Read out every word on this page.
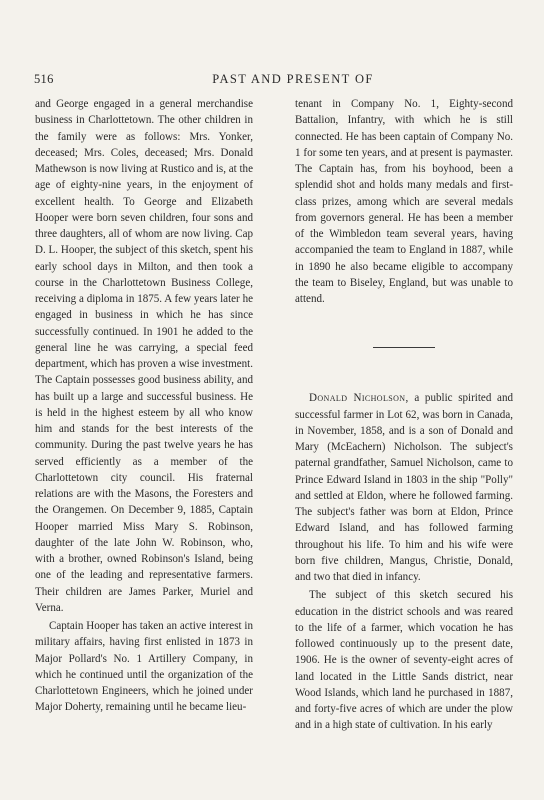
516	PAST AND PRESENT OF

and George engaged in a general merchandise business in Charlottetown. The other children in the family were as follows: Mrs. Yonker, deceased; Mrs. Coles, deceased; Mrs. Donald Mathewson is now living at Rustico and is, at the age of eighty-nine years, in the enjoyment of excellent health. To George and Elizabeth Hooper were born seven children, four sons and three daughters, all of whom are now living. Cap D. L. Hooper, the subject of this sketch, spent his early school days in Milton, and then took a course in the Charlottetown Business College, receiving a diploma in 1875. A few years later he engaged in business in which he has since successfully continued. In 1901 he added to the general line he was carrying, a special feed department, which has proven a wise investment. The Captain possesses good business ability, and has built up a large and successful business. He is held in the highest esteem by all who know him and stands for the best interests of the community. During the past twelve years he has served efficiently as a member of the Charlottetown city council. His fraternal relations are with the Masons, the Foresters and the Orangemen. On December 9, 1885, Captain Hooper married Miss Mary S. Robinson, daughter of the late John W. Robinson, who, with a brother, owned Robinson's Island, being one of the leading and representative farmers. Their children are James Parker, Muriel and Verna.

Captain Hooper has taken an active interest in military affairs, having first enlisted in 1873 in Major Pollard's No. 1 Artillery Company, in which he continued until the organization of the Charlottetown Engineers, which he joined under Major Doherty, remaining until he became lieu-

tenant in Company No. 1, Eighty-second Battalion, Infantry, with which he is still connected. He has been captain of Company No. 1 for some ten years, and at present is paymaster. The Captain has, from his boyhood, been a splendid shot and holds many medals and first-class prizes, among which are several medals from governors general. He has been a member of the Wimbledon team several years, having accompanied the team to England in 1887, while in 1890 he also became eligible to accompany the team to Biseley, England, but was unable to attend.

Donald Nicholson, a public spirited and successful farmer in Lot 62, was born in Canada, in November, 1858, and is a son of Donald and Mary (McEachern) Nicholson. The subject's paternal grandfather, Samuel Nicholson, came to Prince Edward Island in 1803 in the ship "Polly" and settled at Eldon, where he followed farming. The subject's father was born at Eldon, Prince Edward Island, and has followed farming throughout his life. To him and his wife were born five children, Mangus, Christie, Donald, and two that died in infancy.

The subject of this sketch secured his education in the district schools and was reared to the life of a farmer, which vocation he has followed continuously up to the present date, 1906. He is the owner of seventy-eight acres of land located in the Little Sands district, near Wood Islands, which land he purchased in 1887, and forty-five acres of which are under the plow and in a high state of cultivation. In his early
